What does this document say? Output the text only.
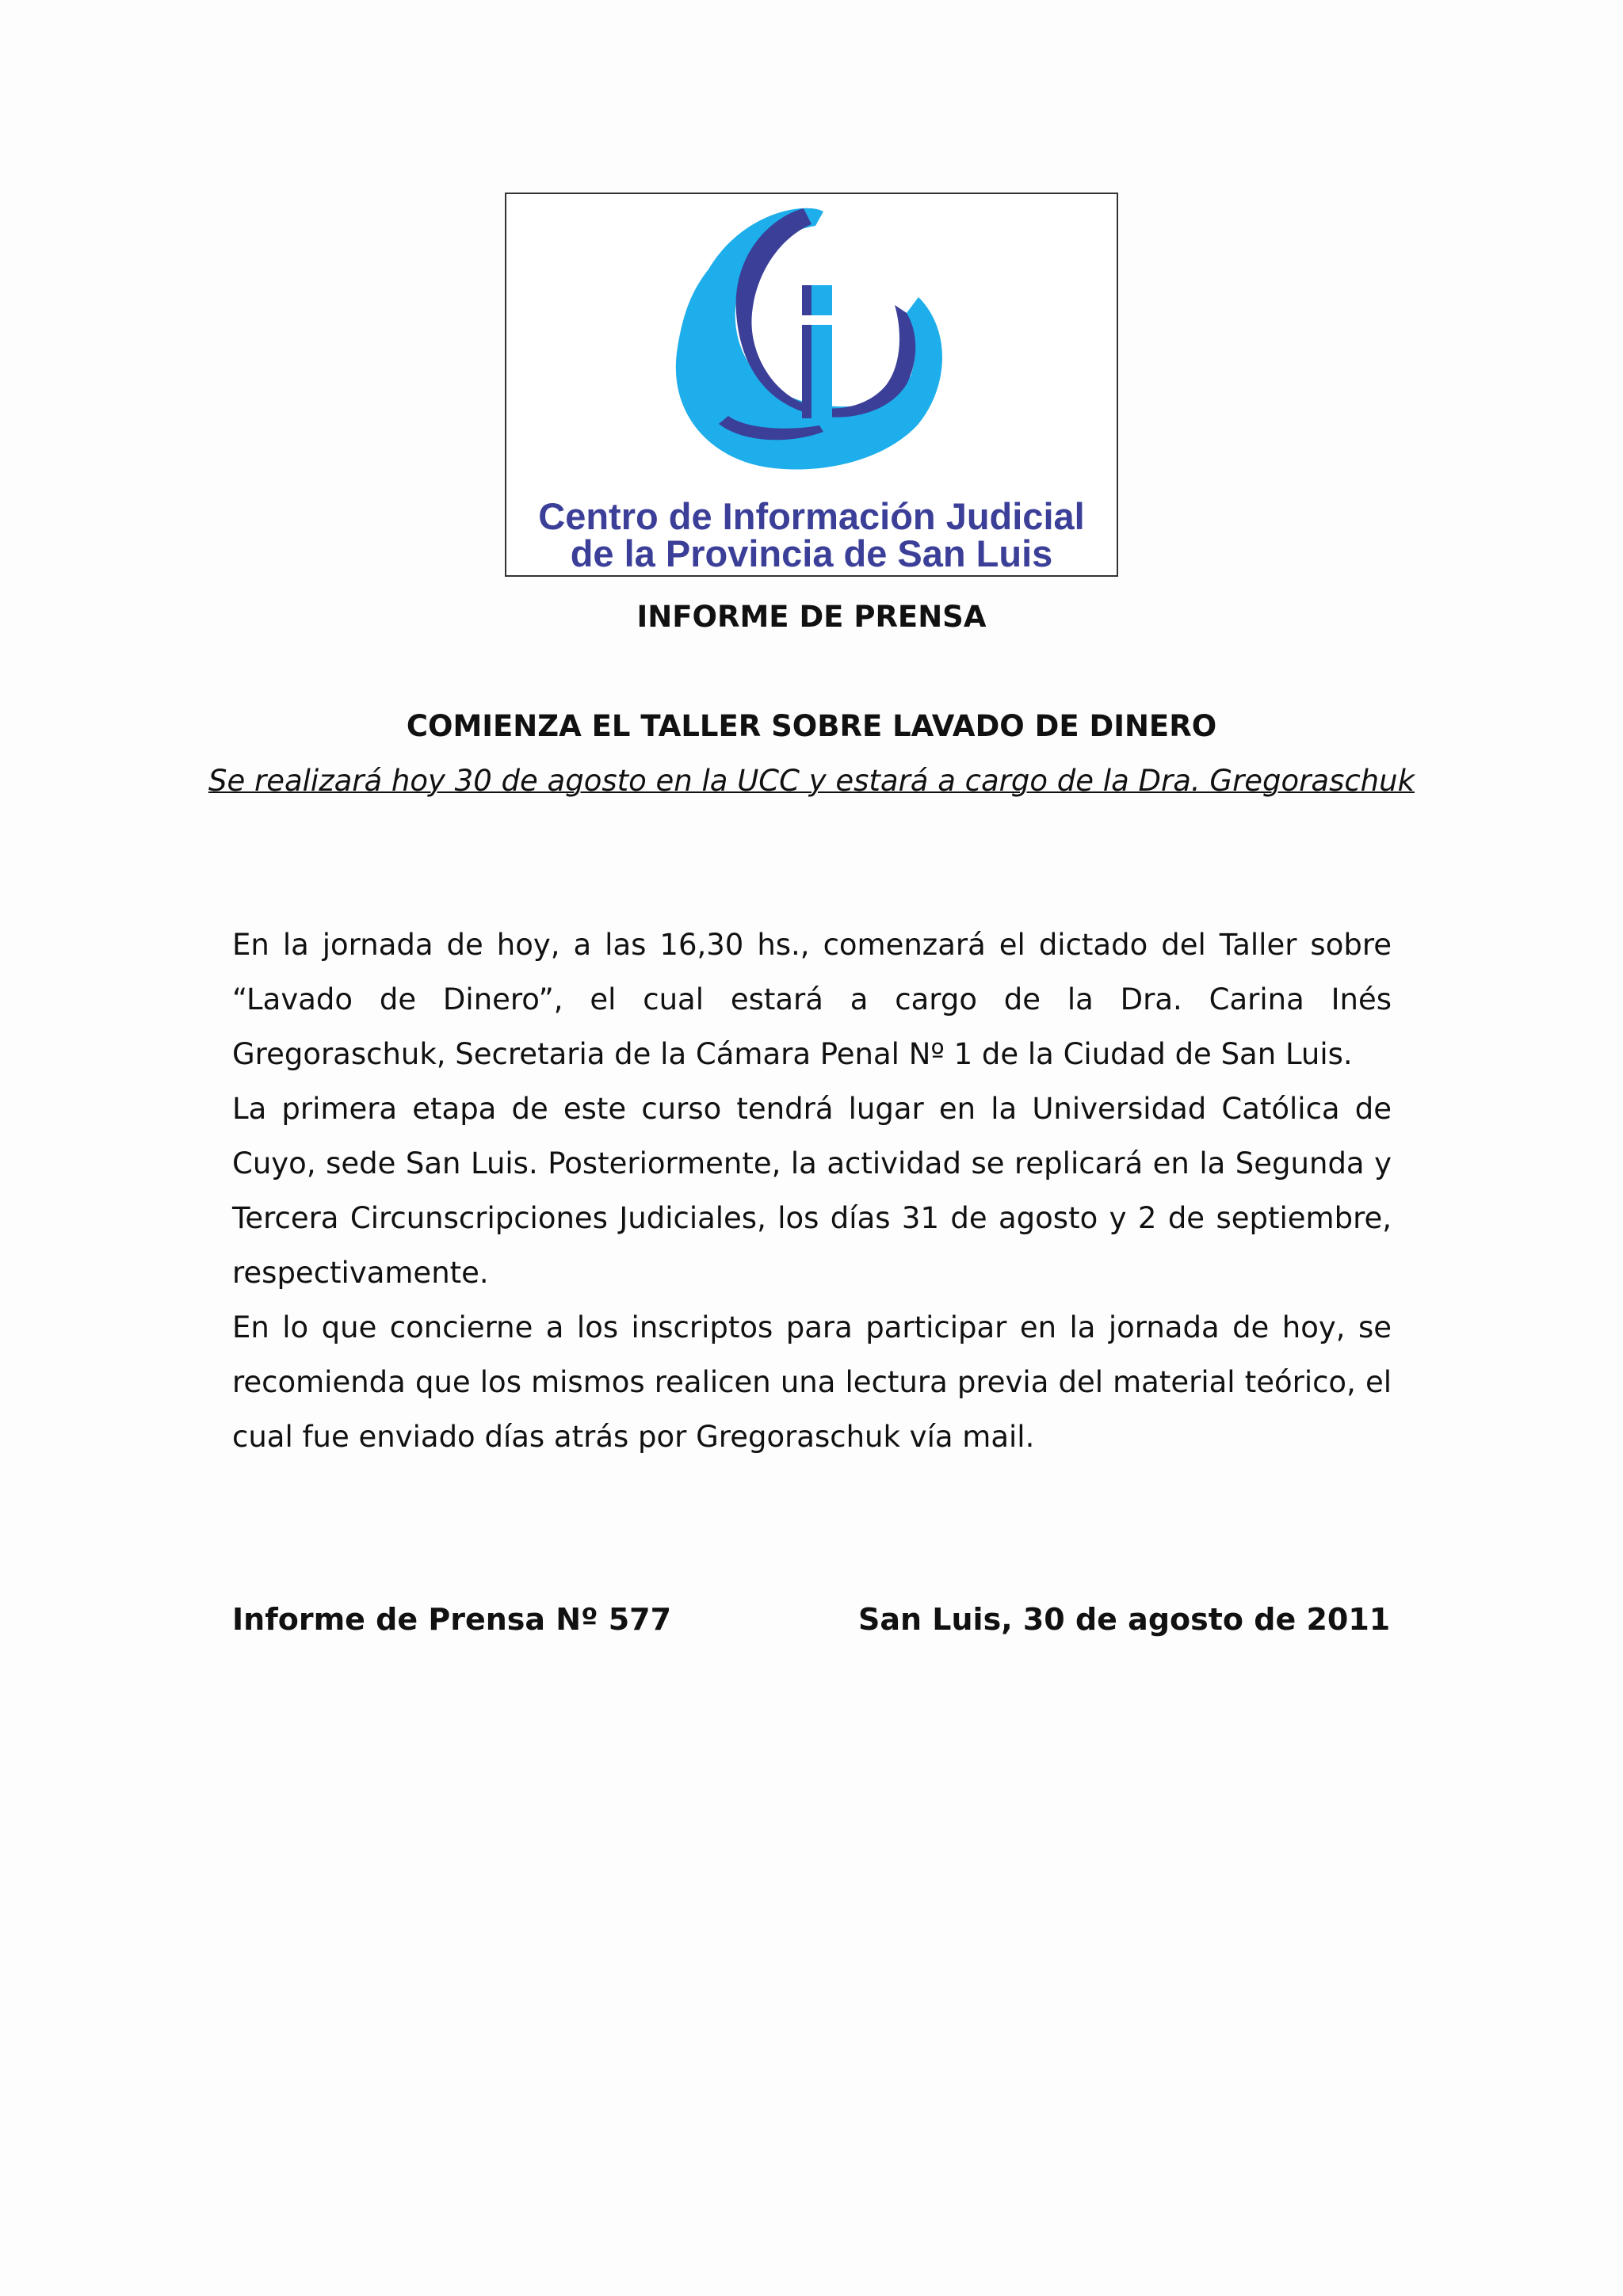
Centro de Información Judicial
de la Provincia de San Luis
INFORME DE PRENSA
COMIENZA EL TALLER SOBRE LAVADO DE DINERO
Se realizará hoy 30 de agosto en la UCC y estará a cargo de la Dra. Gregoraschuk

En la jornada de hoy, a las 16,30 hs., comenzará el dictado del Taller sobre “Lavado de Dinero”, el cual estará a cargo de la Dra. Carina Inés Gregoraschuk, Secretaria de la Cámara Penal Nº 1 de la Ciudad de San Luis.

La primera etapa de este curso tendrá lugar en la Universidad Católica de Cuyo, sede San Luis. Posteriormente, la actividad se replicará en la Segunda y Tercera Circunscripciones Judiciales, los días 31 de agosto y 2 de septiembre, respectivamente.

En lo que concierne a los inscriptos para participar en la jornada de hoy, se recomienda que los mismos realicen una lectura previa del material teórico, el cual fue enviado días atrás por Gregoraschuk vía mail.

Informe de Prensa Nº 577	San Luis, 30 de agosto de 2011
